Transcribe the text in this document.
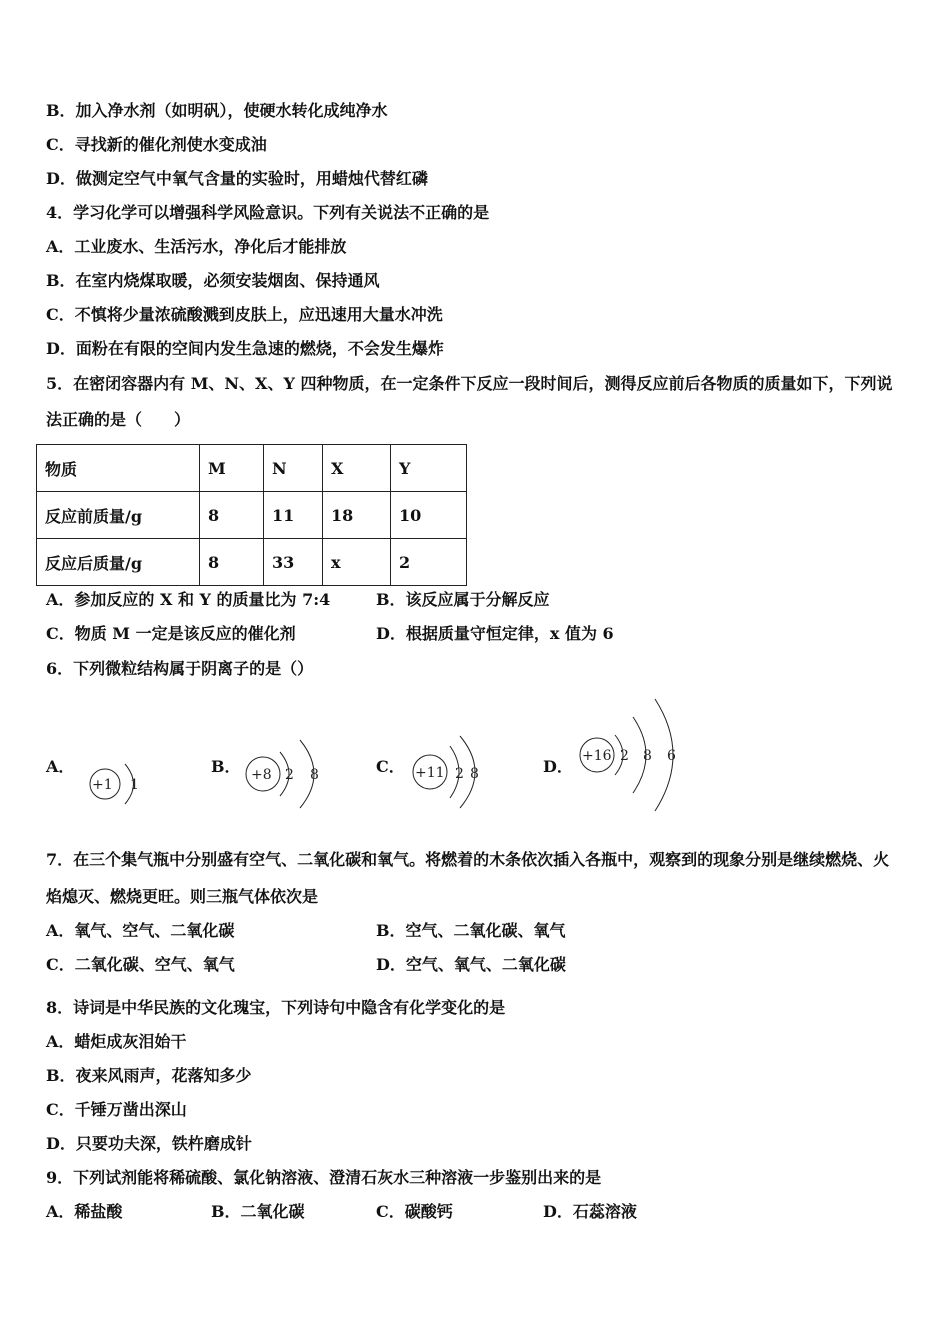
B．加入净水剂（如明矾），使硬水转化成纯净水
C．寻找新的催化剂使水变成油
D．做测定空气中氧气含量的实验时，用蜡烛代替红磷
4．学习化学可以增强科学风险意识。下列有关说法不正确的是
A．工业废水、生活污水，净化后才能排放
B．在室内烧煤取暖，必须安装烟囱、保持通风
C．不慎将少量浓硫酸溅到皮肤上，应迅速用大量水冲洗
D．面粉在有限的空间内发生急速的燃烧，不会发生爆炸
5．在密闭容器内有 M、N、X、Y 四种物质，在一定条件下反应一段时间后，测得反应前后各物质的质量如下，下列说
法正确的是（　　）
物质	M	N	X	Y
反应前质量/g	8	11	18	10
反应后质量/g	8	33	x	2
A．参加反应的 X 和 Y 的质量比为 7:4	B．该反应属于分解反应
C．物质 M 一定是该反应的催化剂	D．根据质量守恒定律，x 值为 6
6．下列微粒结构属于阴离子的是（）
A．
+1 1
B． +8 2 8	C． +11 2 8	D．
+16 2 8 6
7．在三个集气瓶中分别盛有空气、二氧化碳和氧气。将燃着的木条依次插入各瓶中，观察到的现象分别是继续燃烧、火
焰熄灭、燃烧更旺。则三瓶气体依次是
A．氧气、空气、二氧化碳	B．空气、二氧化碳、氧气
C．二氧化碳、空气、氧气	D．空气、氧气、二氧化碳
8．诗词是中华民族的文化瑰宝，下列诗句中隐含有化学变化的是
A．蜡炬成灰泪始干
B．夜来风雨声，花落知多少
C．千锤万凿出深山
D．只要功夫深，铁杵磨成针
9．下列试剂能将稀硫酸、氯化钠溶液、澄清石灰水三种溶液一步鉴别出来的是
A．稀盐酸	B．二氧化碳	C．碳酸钙	D．石蕊溶液
